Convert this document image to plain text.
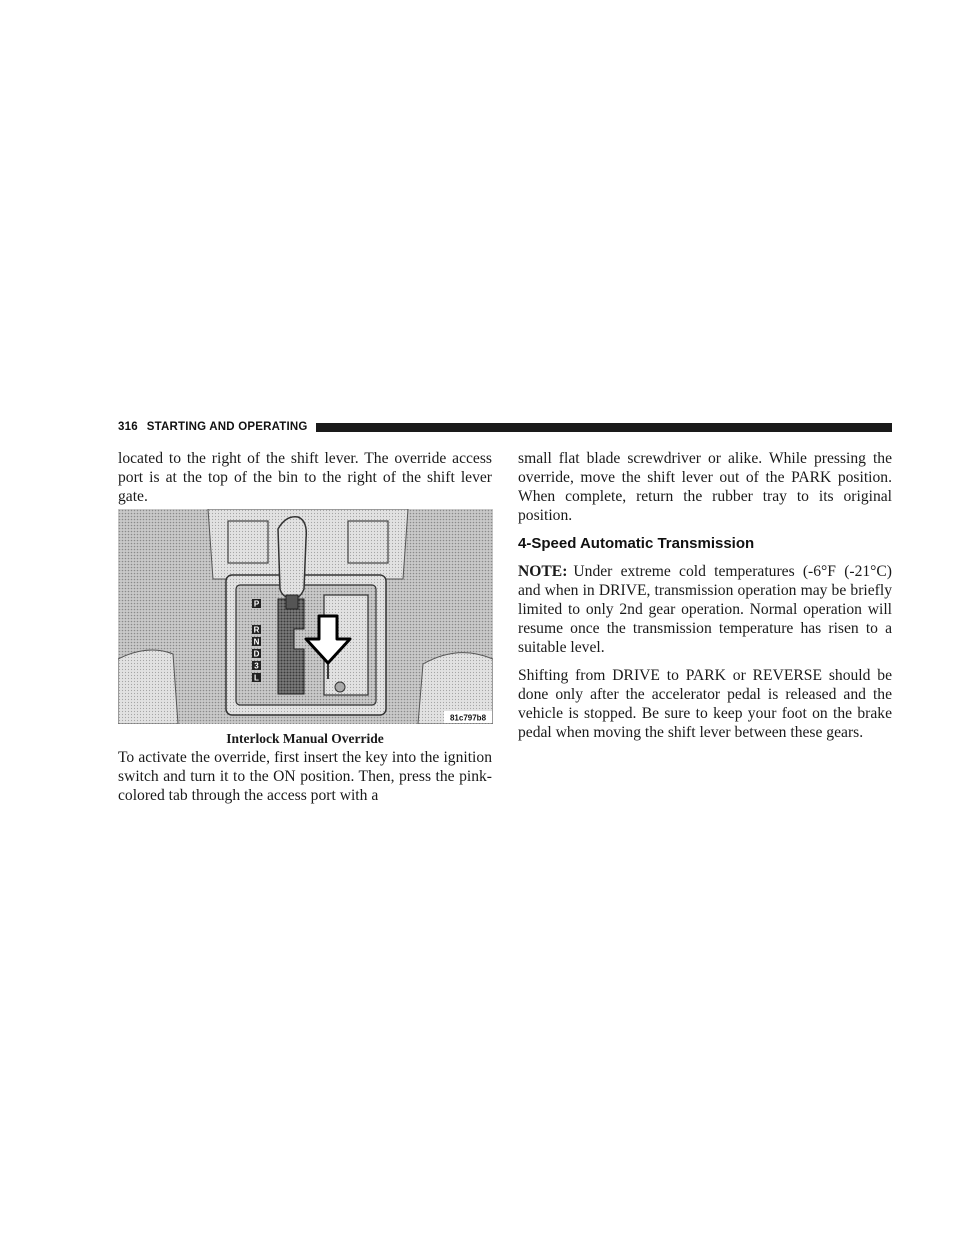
316 STARTING AND OPERATING

located to the right of the shift lever. The override access port is at the top of the bin to the right of the shift lever gate.

P
R
N
D
3
L
81c797b8
Interlock Manual Override

To activate the override, first insert the key into the ignition switch and turn it to the ON position. Then, press the pink-colored tab through the access port with a

small flat blade screwdriver or alike. While pressing the override, move the shift lever out of the PARK position. When complete, return the rubber tray to its original position.

4-Speed Automatic Transmission

NOTE: Under extreme cold temperatures (-6°F (-21°C) and when in DRIVE, transmission operation may be briefly limited to only 2nd gear operation. Normal operation will resume once the transmission temperature has risen to a suitable level.

Shifting from DRIVE to PARK or REVERSE should be done only after the accelerator pedal is released and the vehicle is stopped. Be sure to keep your foot on the brake pedal when moving the shift lever between these gears.
